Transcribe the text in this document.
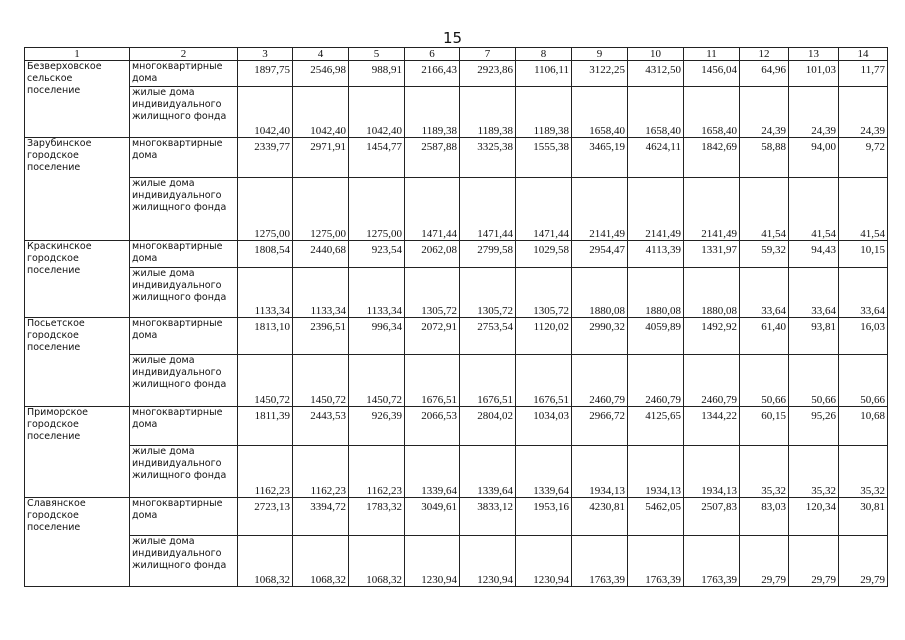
15
1	2	3	4	5	6	7	8	9	10	11	12	13	14
Безверховское сельское поселение	многоквартирные дома	1897,75	2546,98	988,91	2166,43	2923,86	1106,11	3122,25	4312,50	1456,04	64,96	101,03	11,77
	жилые дома индивидуального жилищного фонда	1042,40	1042,40	1042,40	1189,38	1189,38	1189,38	1658,40	1658,40	1658,40	24,39	24,39	24,39
Зарубинское городское поселение	многоквартирные дома	2339,77	2971,91	1454,77	2587,88	3325,38	1555,38	3465,19	4624,11	1842,69	58,88	94,00	9,72
	жилые дома индивидуального жилищного фонда	1275,00	1275,00	1275,00	1471,44	1471,44	1471,44	2141,49	2141,49	2141,49	41,54	41,54	41,54
Краскинское городское поселение	многоквартирные дома	1808,54	2440,68	923,54	2062,08	2799,58	1029,58	2954,47	4113,39	1331,97	59,32	94,43	10,15
	жилые дома индивидуального жилищного фонда	1133,34	1133,34	1133,34	1305,72	1305,72	1305,72	1880,08	1880,08	1880,08	33,64	33,64	33,64
Посьетское городское поселение	многоквартирные дома	1813,10	2396,51	996,34	2072,91	2753,54	1120,02	2990,32	4059,89	1492,92	61,40	93,81	16,03
	жилые дома индивидуального жилищного фонда	1450,72	1450,72	1450,72	1676,51	1676,51	1676,51	2460,79	2460,79	2460,79	50,66	50,66	50,66
Приморское городское поселение	многоквартирные дома	1811,39	2443,53	926,39	2066,53	2804,02	1034,03	2966,72	4125,65	1344,22	60,15	95,26	10,68
	жилые дома индивидуального жилищного фонда	1162,23	1162,23	1162,23	1339,64	1339,64	1339,64	1934,13	1934,13	1934,13	35,32	35,32	35,32
Славянское городское поселение	многоквартирные дома	2723,13	3394,72	1783,32	3049,61	3833,12	1953,16	4230,81	5462,05	2507,83	83,03	120,34	30,81
	жилые дома индивидуального жилищного фонда	1068,32	1068,32	1068,32	1230,94	1230,94	1230,94	1763,39	1763,39	1763,39	29,79	29,79	29,79
